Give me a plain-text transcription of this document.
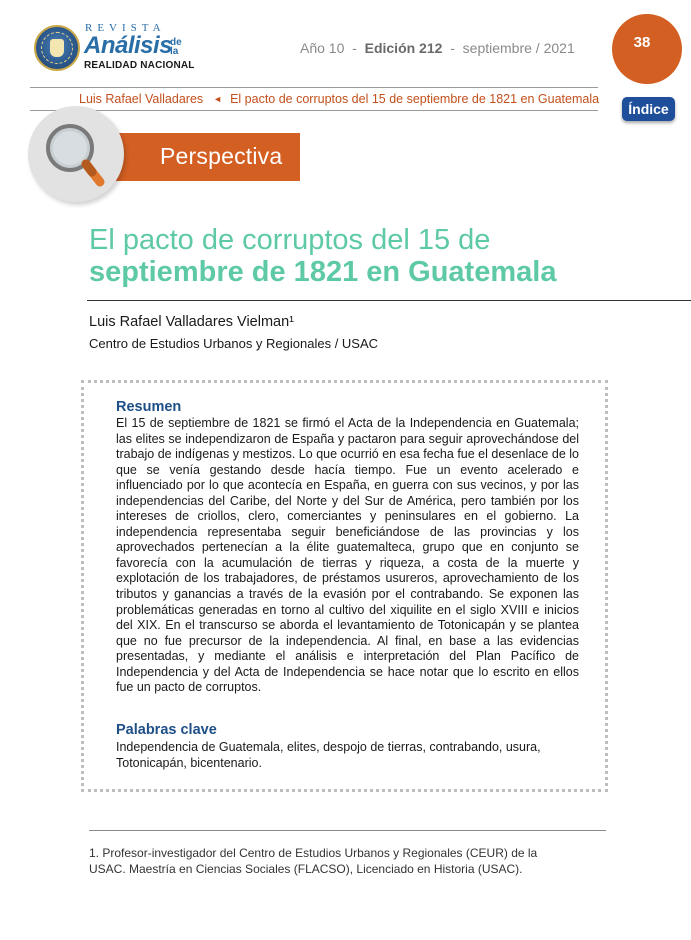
REVISTA
Análisis
de la
REALIDAD NACIONAL
Año 10 - Edición 212 - septiembre / 2021	38
Luis Rafael Valladares ◄ El pacto de corruptos del 15 de septiembre de 1821 en Guatemala
Índice
Perspectiva
El pacto de corruptos del 15 de
septiembre de 1821 en Guatemala
Luis Rafael Valladares Vielman¹
Centro de Estudios Urbanos y Regionales / USAC
Resumen
El 15 de septiembre de 1821 se firmó el Acta de la Independencia en Guatemala; las elites se independizaron de España y pactaron para seguir aprovechándose del trabajo de indígenas y mestizos. Lo que ocurrió en esa fecha fue el desenlace de lo que se venía gestando desde hacía tiempo. Fue un evento acelerado e influenciado por lo que acontecía en España, en guerra con sus vecinos, y por las independencias del Caribe, del Norte y del Sur de América, pero también por los intereses de criollos, clero, comerciantes y peninsulares en el gobierno. La independencia representaba seguir beneficiándose de las provincias y los aprovechados pertenecían a la élite guatemalteca, grupo que en conjunto se favorecía con la acumulación de tierras y riqueza, a costa de la muerte y explotación de los trabajadores, de préstamos usureros, aprovechamiento de los tributos y ganancias a través de la evasión por el contrabando. Se exponen las problemáticas generadas en torno al cultivo del xiquilite en el siglo XVIII e inicios del XIX. En el transcurso se aborda el levantamiento de Totonicapán y se plantea que no fue precursor de la independencia. Al final, en base a las evidencias presentadas, y mediante el análisis e interpretación del Plan Pacífico de Independencia y del Acta de Independencia se hace notar que lo escrito en ellos fue un pacto de corruptos.
Palabras clave
Independencia de Guatemala, elites, despojo de tierras, contrabando, usura, Totonicapán, bicentenario.
1. Profesor-investigador del Centro de Estudios Urbanos y Regionales (CEUR) de la USAC. Maestría en Ciencias Sociales (FLACSO), Licenciado en Historia (USAC).
